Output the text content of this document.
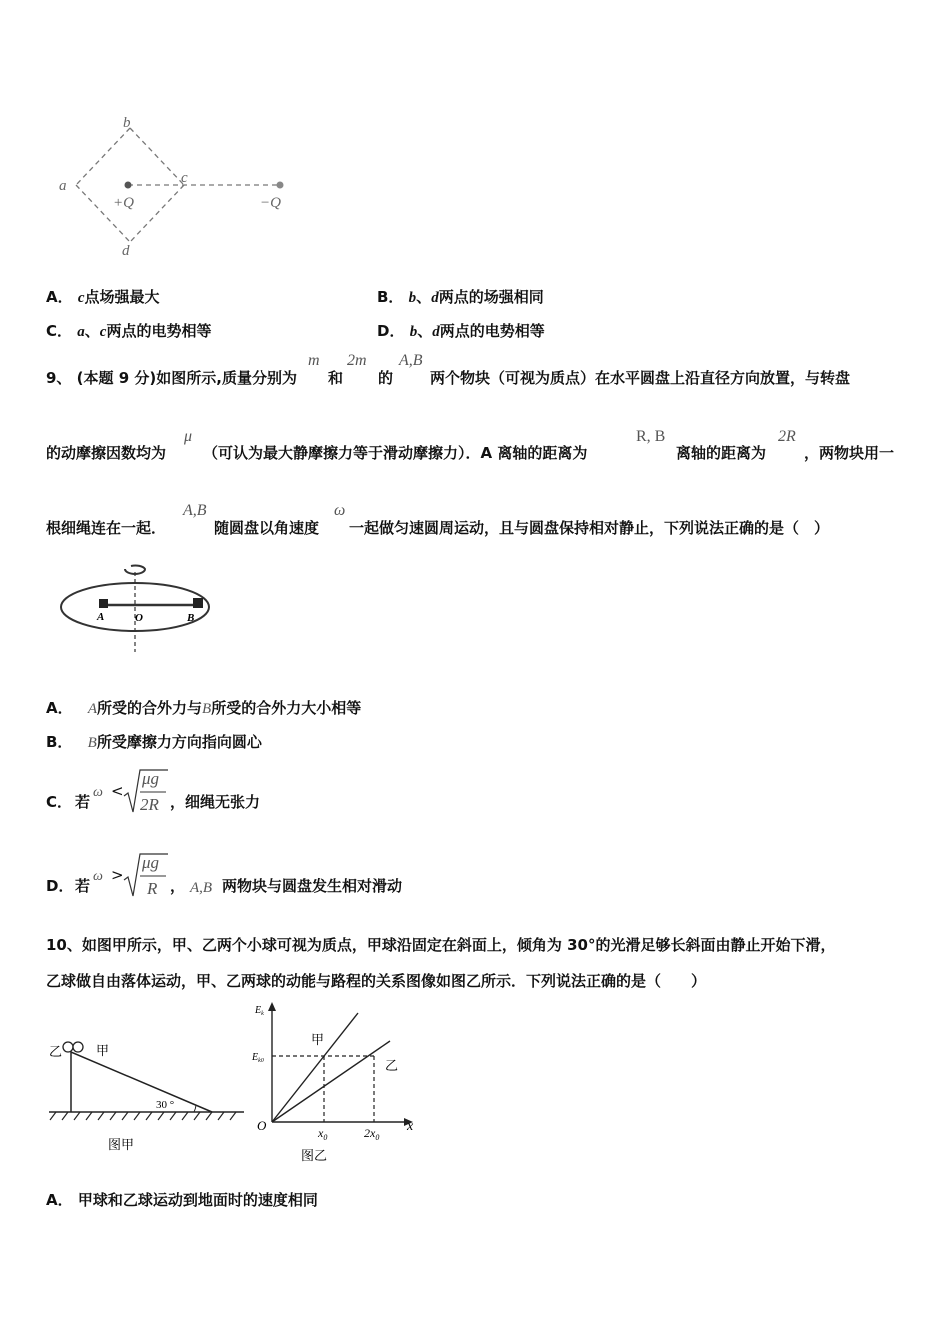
b
a	c
d
+Q	−Q
A． c点场强最大	B． b、d两点的场强相同
C． a、c两点的电势相等	D． b、d两点的电势相等
9、 (本题 9 分)如图所示,质量分别为
m
和
2m
的
A,B
两个物块（可视为质点）在水平圆盘上沿直径方向放置，与转盘
的动摩擦因数均为
μ
（可认为最大静摩擦力等于滑动摩擦力）．A 离轴的距离为
R, B
离轴的距离为
2R
，两物块用一
根细绳连在一起．
A,B
随圆盘以角速度
ω
一起做匀速圆周运动，且与圆盘保持相对静止，下列说法正确的是（　）
A	O	B
A． A所受的合外力与B所受的合外力大小相等
B． B所受摩擦力方向指向圆心
C． 若
ω <
μg
2R ，细绳无张力
D． 若
ω >
μg
R ， A,B 两物块与圆盘发生相对滑动
10、如图甲所示，甲、乙两个小球可视为质点，甲球沿固定在斜面上，倾角为 30°的光滑足够长斜面由静止开始下滑，
乙球做自由落体运动，甲、乙两球的动能与路程的关系图像如图乙所示．下列说法正确的是（　　）
乙	甲
30 °
图甲
$E_k$
$E_{k0}$
甲
乙
O	$x_0$	$2x_0$
x
图乙
A． 甲球和乙球运动到地面时的速度相同
